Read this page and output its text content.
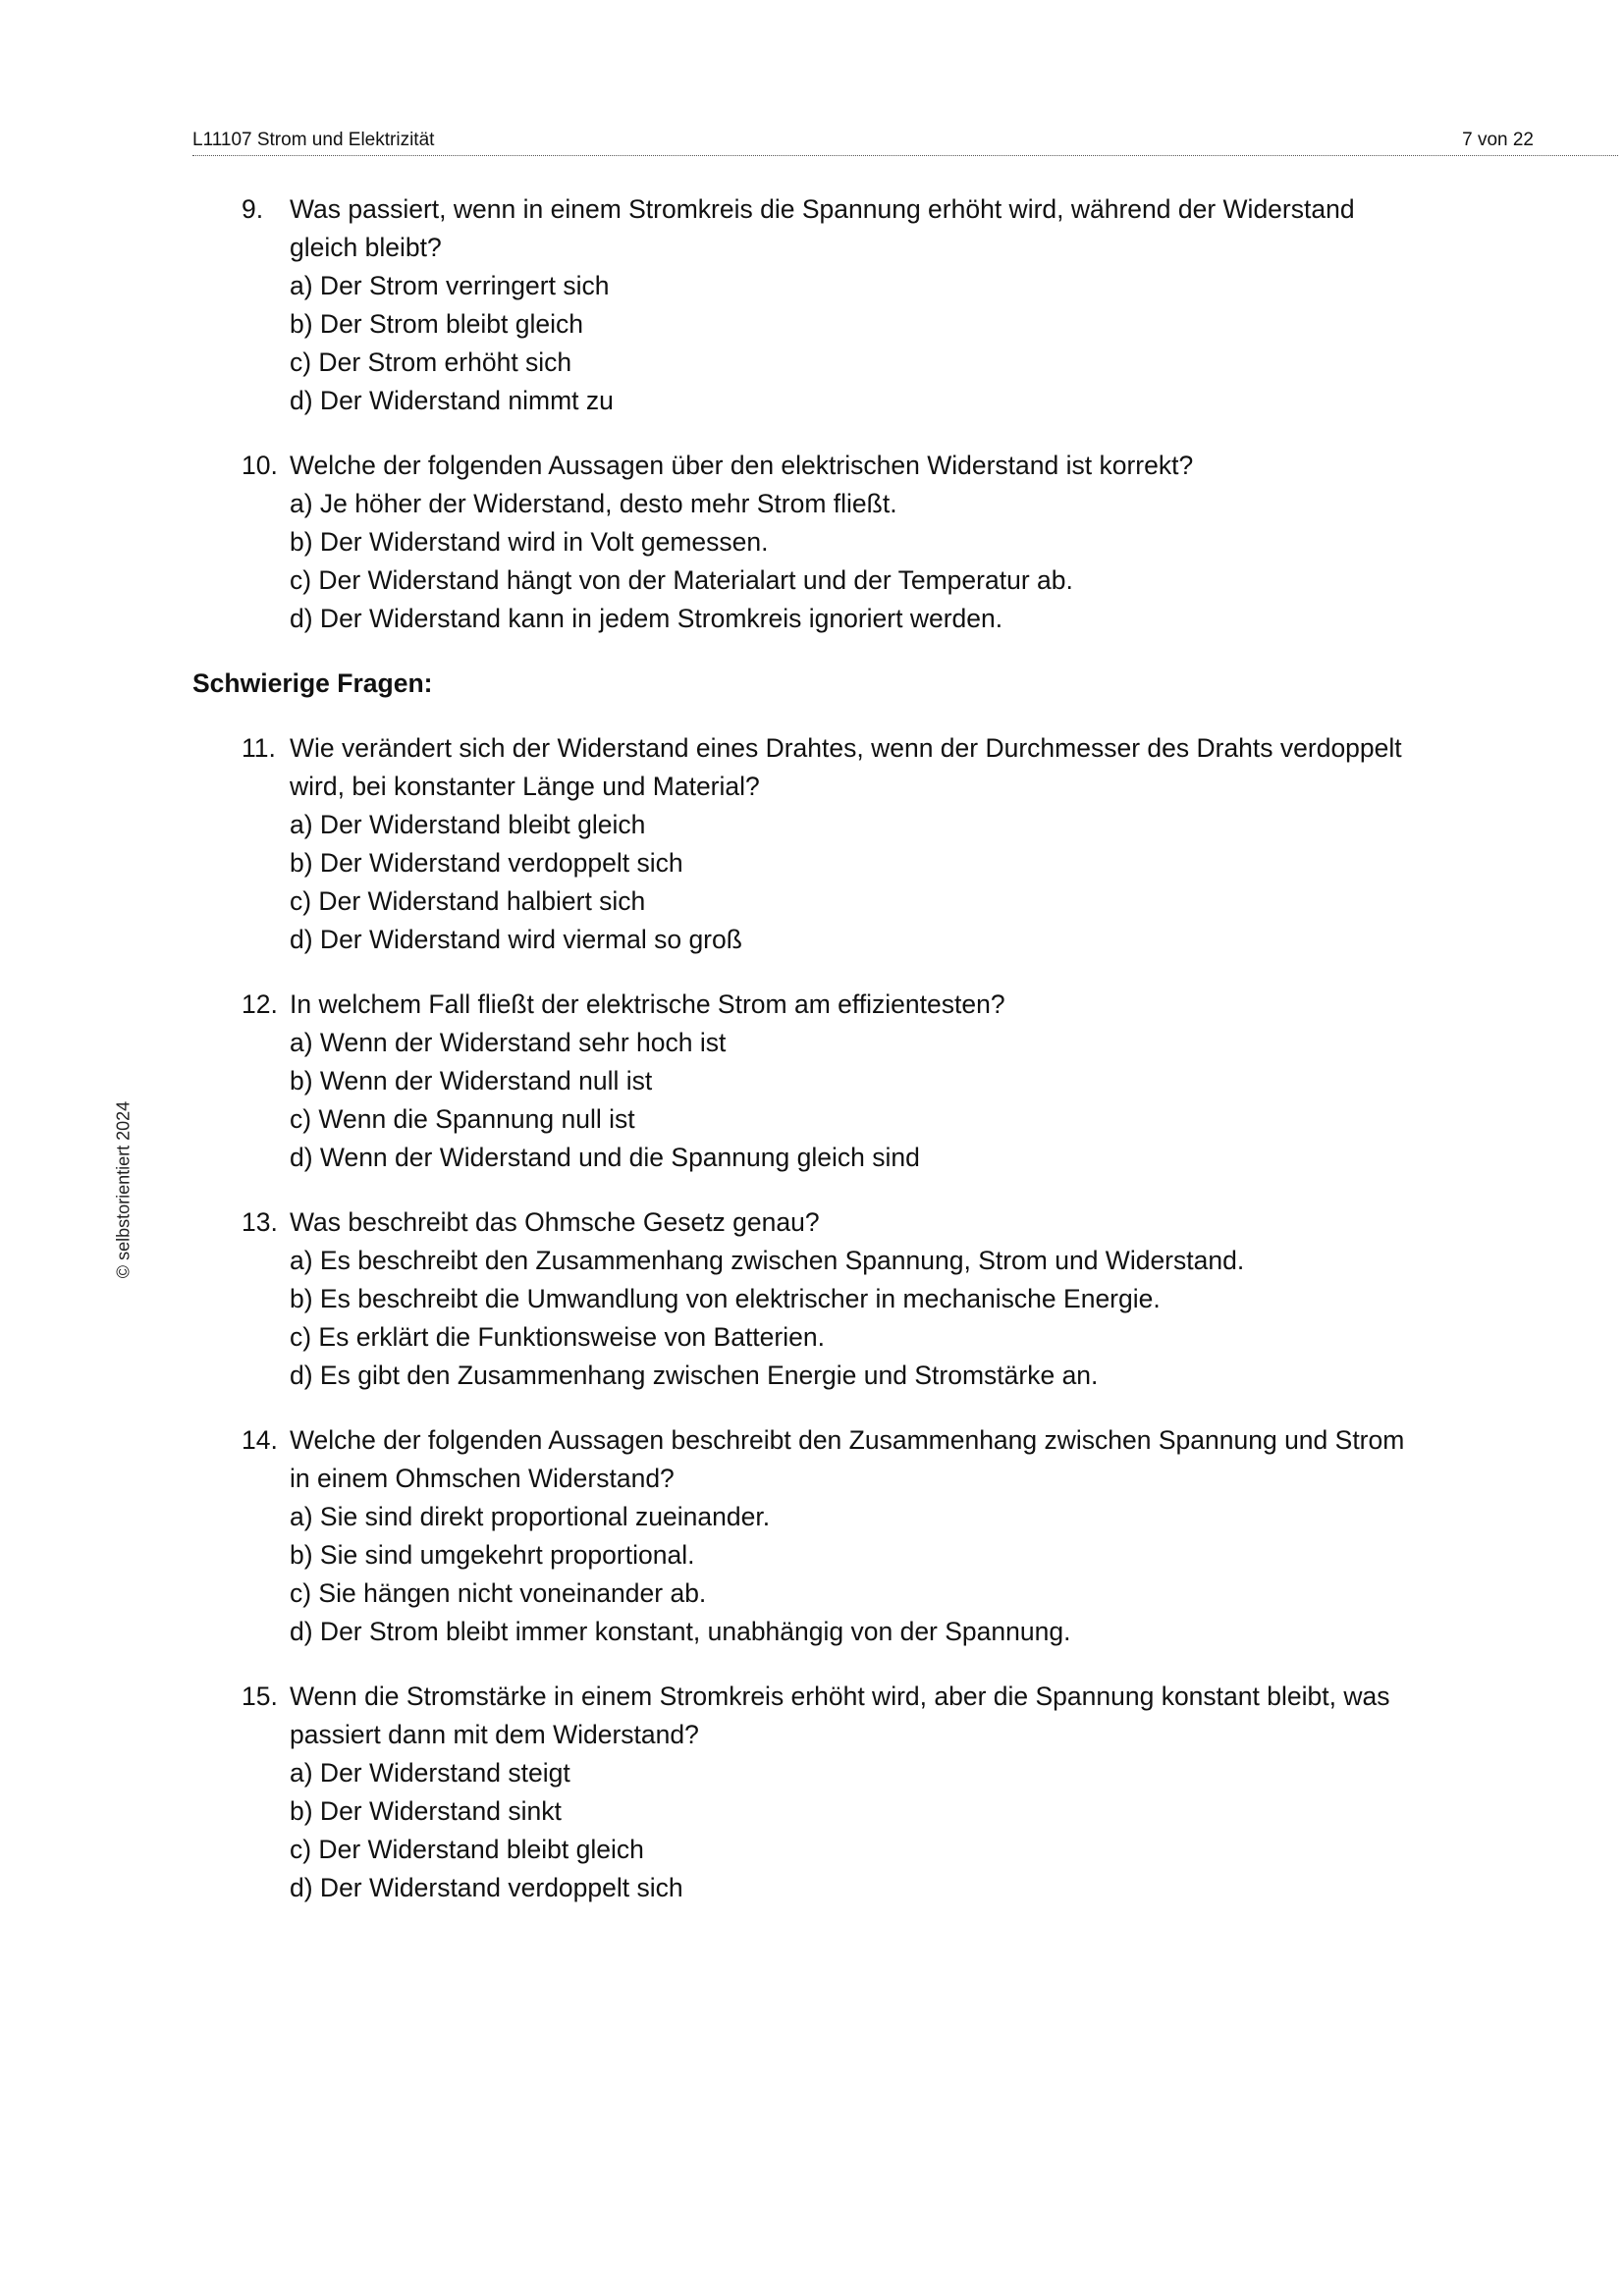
L11107 Strom und Elektrizität	7 von 22
© selbstorientiert 2024
9. Was passiert, wenn in einem Stromkreis die Spannung erhöht wird, während der Widerstand gleich bleibt?
a) Der Strom verringert sich
b) Der Strom bleibt gleich
c) Der Strom erhöht sich
d) Der Widerstand nimmt zu
10. Welche der folgenden Aussagen über den elektrischen Widerstand ist korrekt?
a) Je höher der Widerstand, desto mehr Strom fließt.
b) Der Widerstand wird in Volt gemessen.
c) Der Widerstand hängt von der Materialart und der Temperatur ab.
d) Der Widerstand kann in jedem Stromkreis ignoriert werden.
Schwierige Fragen:
11. Wie verändert sich der Widerstand eines Drahtes, wenn der Durchmesser des Drahts verdoppelt wird, bei konstanter Länge und Material?
a) Der Widerstand bleibt gleich
b) Der Widerstand verdoppelt sich
c) Der Widerstand halbiert sich
d) Der Widerstand wird viermal so groß
12. In welchem Fall fließt der elektrische Strom am effizientesten?
a) Wenn der Widerstand sehr hoch ist
b) Wenn der Widerstand null ist
c) Wenn die Spannung null ist
d) Wenn der Widerstand und die Spannung gleich sind
13. Was beschreibt das Ohmsche Gesetz genau?
a) Es beschreibt den Zusammenhang zwischen Spannung, Strom und Widerstand.
b) Es beschreibt die Umwandlung von elektrischer in mechanische Energie.
c) Es erklärt die Funktionsweise von Batterien.
d) Es gibt den Zusammenhang zwischen Energie und Stromstärke an.
14. Welche der folgenden Aussagen beschreibt den Zusammenhang zwischen Spannung und Strom in einem Ohmschen Widerstand?
a) Sie sind direkt proportional zueinander.
b) Sie sind umgekehrt proportional.
c) Sie hängen nicht voneinander ab.
d) Der Strom bleibt immer konstant, unabhängig von der Spannung.
15. Wenn die Stromstärke in einem Stromkreis erhöht wird, aber die Spannung konstant bleibt, was passiert dann mit dem Widerstand?
a) Der Widerstand steigt
b) Der Widerstand sinkt
c) Der Widerstand bleibt gleich
d) Der Widerstand verdoppelt sich
